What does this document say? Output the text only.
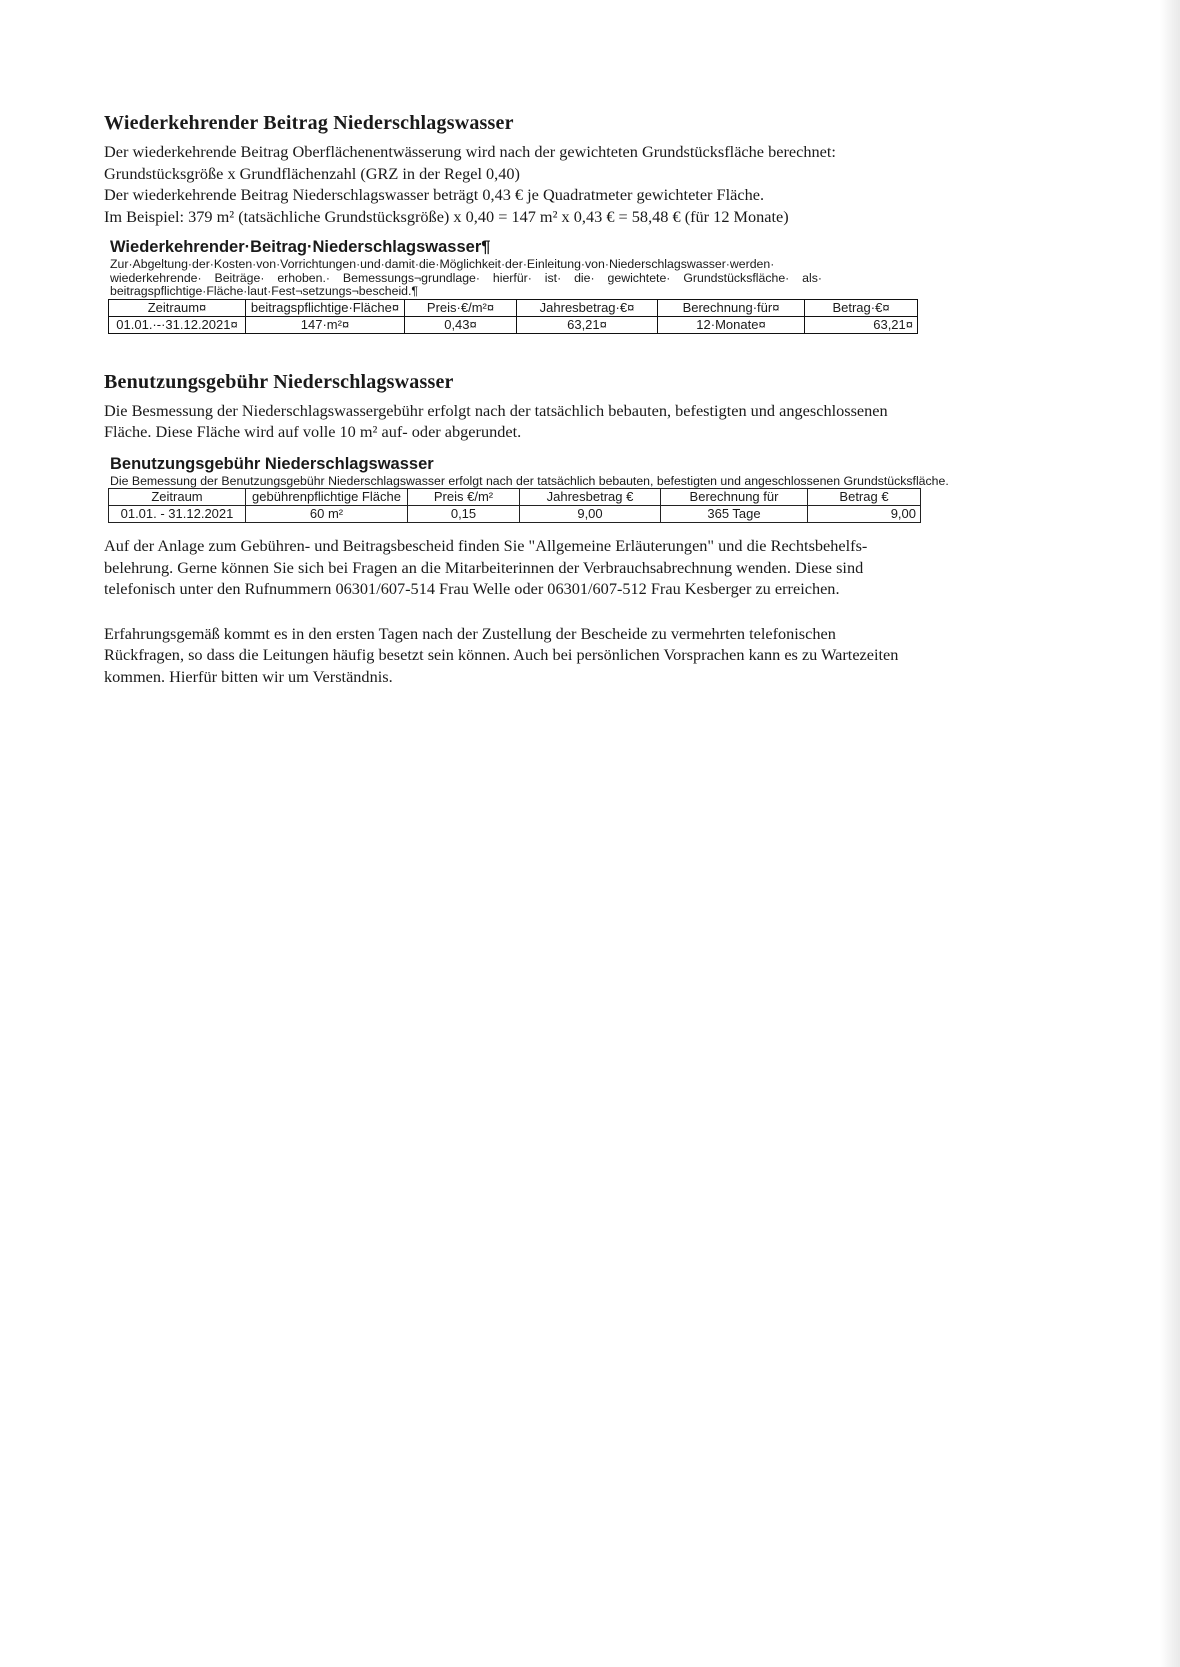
Wiederkehrender Beitrag Niederschlagswasser

Der wiederkehrende Beitrag Oberflächenentwässerung wird nach der gewichteten Grundstücksfläche berechnet:
Grundstücksgröße x Grundflächenzahl (GRZ in der Regel 0,40)
Der wiederkehrende Beitrag Niederschlagswasser beträgt 0,43 € je Quadratmeter gewichteter Fläche.
Im Beispiel: 379 m² (tatsächliche Grundstücksgröße) x 0,40 = 147 m² x 0,43 € = 58,48 € (für 12 Monate)

Wiederkehrender·Beitrag·Niederschlagswasser¶
Zur·Abgeltung·der·Kosten·von·Vorrichtungen·und·damit·die·Möglichkeit·der·Einleitung·von·Niederschlagswasser·werden· wiederkehrende· Beiträge· erhoben.· Bemessungs¬grundlage· hierfür· ist· die· gewichtete· Grundstücksfläche· als· beitragspflichtige·Fläche·laut·Fest¬setzungs¬bescheid.¶
Zeitraum¤	beitragspflichtige·Fläche¤	Preis·€/m²¤	Jahresbetrag·€¤	Berechnung·für¤	Betrag·€¤
01.01.·-·31.12.2021¤	147·m²¤	0,43¤	63,21¤	12·Monate¤	63,21¤
Benutzungsgebühr Niederschlagswasser

Die Besmessung der Niederschlagswassergebühr erfolgt nach der tatsächlich bebauten, befestigten und angeschlossenen
Fläche. Diese Fläche wird auf volle 10 m² auf- oder abgerundet.

Benutzungsgebühr Niederschlagswasser
Die Bemessung der Benutzungsgebühr Niederschlagswasser erfolgt nach der tatsächlich bebauten, befestigten und angeschlossenen Grundstücksfläche.
Zeitraum	gebührenpflichtige Fläche	Preis €/m²	Jahresbetrag €	Berechnung für	Betrag €
01.01. - 31.12.2021	60 m²	0,15	9,00	365 Tage	9,00

Auf der Anlage zum Gebühren- und Beitragsbescheid finden Sie "Allgemeine Erläuterungen" und die Rechtsbehelfs-
belehrung. Gerne können Sie sich bei Fragen an die Mitarbeiterinnen der Verbrauchsabrechnung wenden. Diese sind
telefonisch unter den Rufnummern 06301/607-514 Frau Welle oder 06301/607-512 Frau Kesberger zu erreichen.

Erfahrungsgemäß kommt es in den ersten Tagen nach der Zustellung der Bescheide zu vermehrten telefonischen
Rückfragen, so dass die Leitungen häufig besetzt sein können. Auch bei persönlichen Vorsprachen kann es zu Wartezeiten
kommen. Hierfür bitten wir um Verständnis.
